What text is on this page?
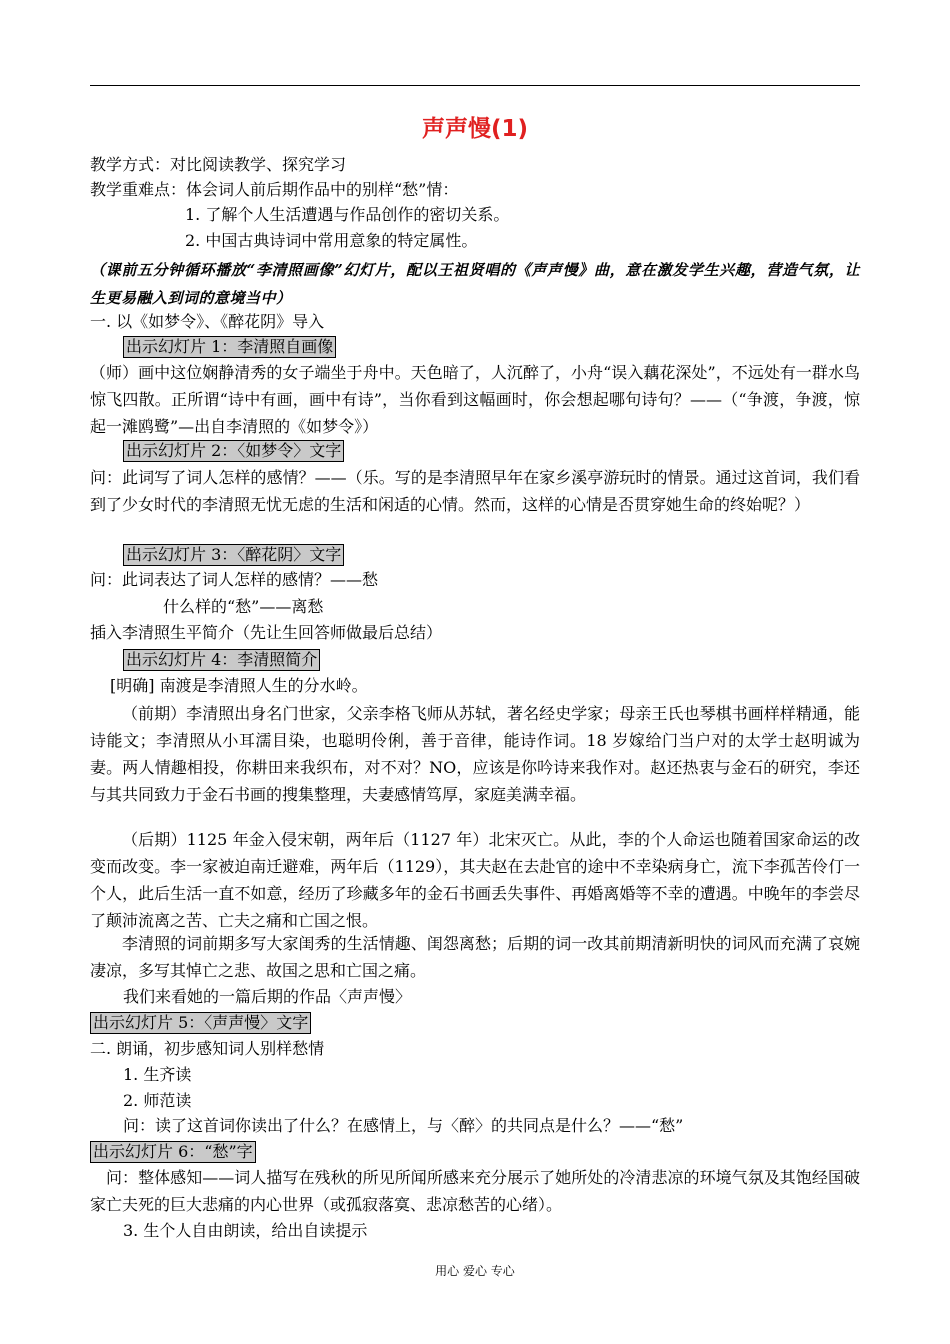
声声慢(1)
教学方式：对比阅读教学、探究学习
教学重难点：体会词人前后期作品中的别样“愁”情：
1. 了解个人生活遭遇与作品创作的密切关系。
2. 中国古典诗词中常用意象的特定属性。
（课前五分钟循环播放“李清照画像”幻灯片，配以王祖贤唱的《声声慢》曲，意在激发学生兴趣，营造气氛，让生更易融入到词的意境当中）
一. 以《如梦令》、《醉花阴》导入
出示幻灯片 1：李清照自画像
（师）画中这位娴静清秀的女子端坐于舟中。天色暗了，人沉醉了，小舟“误入藕花深处”，不远处有一群水鸟惊飞四散。正所谓“诗中有画，画中有诗”，当你看到这幅画时，你会想起哪句诗句？——（“争渡，争渡，惊起一滩鸥鹭”—出自李清照的《如梦令》）
出示幻灯片 2：〈如梦令〉文字
问：此词写了词人怎样的感情？——（乐。写的是李清照早年在家乡溪亭游玩时的情景。通过这首词，我们看到了少女时代的李清照无忧无虑的生活和闲适的心情。然而，这样的心情是否贯穿她生命的终始呢？）
出示幻灯片 3：〈醉花阴〉文字
问：此词表达了词人怎样的感情？——愁
什么样的“愁”——离愁
插入李清照生平简介（先让生回答师做最后总结）
出示幻灯片 4：李清照简介
[明确] 南渡是李清照人生的分水岭。
（前期）李清照出身名门世家，父亲李格飞师从苏轼，著名经史学家；母亲王氏也琴棋书画样样精通，能诗能文；李清照从小耳濡目染，也聪明伶俐，善于音律，能诗作词。18 岁嫁给门当户对的太学士赵明诚为妻。两人情趣相投，你耕田来我织布，对不对？NO，应该是你吟诗来我作对。赵还热衷与金石的研究，李还与其共同致力于金石书画的搜集整理，夫妻感情笃厚，家庭美满幸福。
（后期）1125 年金入侵宋朝，两年后（1127 年）北宋灭亡。从此，李的个人命运也随着国家命运的改变而改变。李一家被迫南迁避难，两年后（1129），其夫赵在去赴官的途中不幸染病身亡，流下李孤苦伶仃一个人，此后生活一直不如意，经历了珍藏多年的金石书画丢失事件、再婚离婚等不幸的遭遇。中晚年的李尝尽了颠沛流离之苦、亡夫之痛和亡国之恨。
李清照的词前期多写大家闺秀的生活情趣、闺怨离愁；后期的词一改其前期清新明快的词风而充满了哀婉凄凉，多写其悼亡之悲、故国之思和亡国之痛。
我们来看她的一篇后期的作品〈声声慢〉
出示幻灯片 5：〈声声慢〉文字
二. 朗诵，初步感知词人别样愁情
1. 生齐读
2. 师范读
问：读了这首词你读出了什么？在感情上，与〈醉〉的共同点是什么？——“愁”
出示幻灯片 6：“愁”字
问：整体感知——词人描写在残秋的所见所闻所感来充分展示了她所处的冷清悲凉的环境气氛及其饱经国破家亡夫死的巨大悲痛的内心世界（或孤寂落寞、悲凉愁苦的心绪）。
3. 生个人自由朗读，给出自读提示
用心 爱心 专心
